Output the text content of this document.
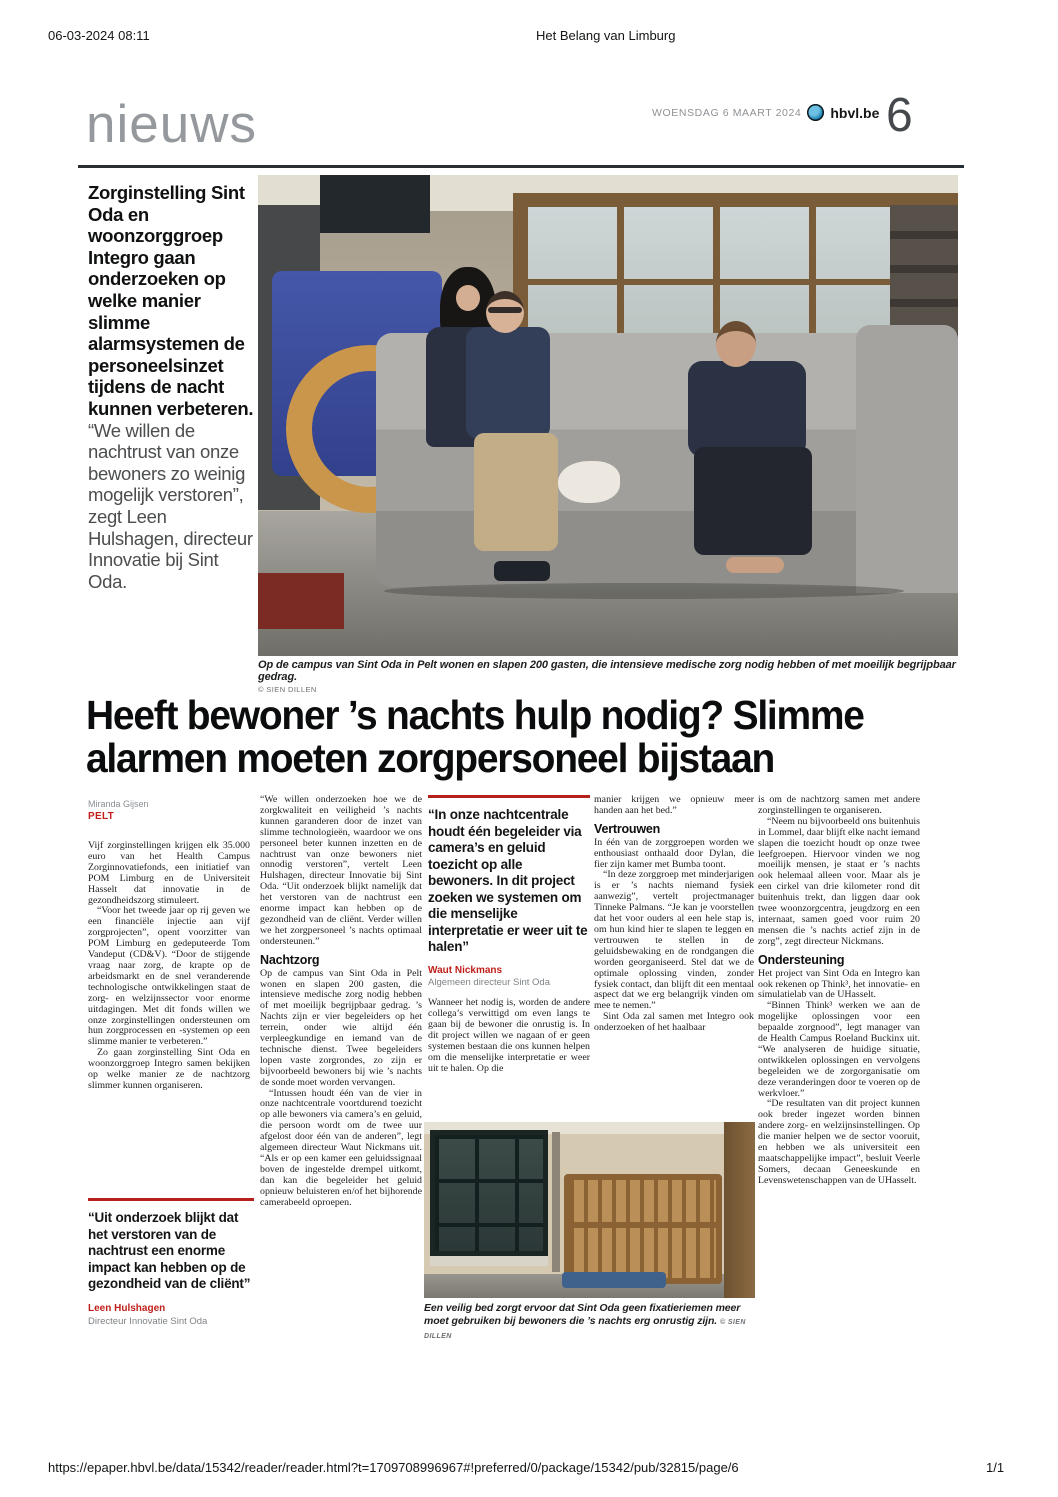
06-03-2024 08:11	Het Belang van Limburg
nieuws	WOENSDAG 6 MAART 2024 hbvl.be 6
Zorginstelling Sint Oda en woonzorggroep Integro gaan onderzoeken op welke manier slimme alarmsystemen de personeelsinzet tijdens de nacht kunnen verbeteren. “We willen de nachtrust van onze bewoners zo weinig mogelijk verstoren”, zegt Leen Hulshagen, directeur Innovatie bij Sint Oda.
Op de campus van Sint Oda in Pelt wonen en slapen 200 gasten, die intensieve medische zorg nodig hebben of met moeilijk begrijpbaar gedrag.
© SIEN DILLEN
Heeft bewoner ’s nachts hulp nodig? Slimme alarmen moeten zorgpersoneel bijstaan
Miranda Gijsen
PELT

Vijf zorginstellingen krijgen elk 35.000 euro van het Health Campus Zorginnovatiefonds, een initiatief van POM Limburg en de Universiteit Hasselt dat innovatie in de gezondheidszorg stimuleert.

“Voor het tweede jaar op rij geven we een financiële injectie aan vijf zorgprojecten”, opent voorzitter van POM Limburg en gedeputeerde Tom Vandeput (CD&V). “Door de stijgende vraag naar zorg, de krapte op de arbeidsmarkt en de snel veranderende technologische ontwikkelingen staat de zorg- en welzijnssector voor enorme uitdagingen. Met dit fonds willen we onze zorginstellingen ondersteunen om hun zorgprocessen en -systemen op een slimme manier te verbeteren.”

Zo gaan zorginstelling Sint Oda en woonzorggroep Integro samen bekijken op welke manier ze de nachtzorg slimmer kunnen organiseren.

“Uit onderzoek blijkt dat het verstoren van de nachtrust een enorme impact kan hebben op de gezondheid van de cliënt”
Leen Hulshagen
Directeur Innovatie Sint Oda

“We willen onderzoeken hoe we de zorgkwaliteit en veiligheid ’s nachts kunnen garanderen door de inzet van slimme technologieën, waardoor we ons personeel beter kunnen inzetten en de nachtrust van onze bewoners niet onnodig verstoren”, vertelt Leen Hulshagen, directeur Innovatie bij Sint Oda. “Uit onderzoek blijkt namelijk dat het verstoren van de nachtrust een enorme impact kan hebben op de gezondheid van de cliënt. Verder willen we het zorgpersoneel ’s nachts optimaal ondersteunen.”

Nachtzorg

Op de campus van Sint Oda in Pelt wonen en slapen 200 gasten, die intensieve medische zorg nodig hebben of met moeilijk begrijpbaar gedrag. ’s Nachts zijn er vier begeleiders op het terrein, onder wie altijd één verpleegkundige en iemand van de technische dienst. Twee begeleiders lopen vaste zorgrondes, zo zijn er bijvoorbeeld bewoners bij wie ’s nachts de sonde moet worden vervangen.

“Intussen houdt één van de vier in onze nachtcentrale voortdurend toezicht op alle bewoners via camera’s en geluid, die persoon wordt om de twee uur afgelost door één van de anderen”, legt algemeen directeur Waut Nickmans uit. “Als er op een kamer een geluidssignaal boven de ingestelde drempel uitkomt, dan kan die begeleider het geluid opnieuw beluisteren en/of het bijhorende camerabeeld oproepen.

“In onze nachtcentrale houdt één begeleider via camera’s en geluid toezicht op alle bewoners. In dit project zoeken we systemen om die menselijke interpretatie er weer uit te halen”
Waut Nickmans
Algemeen directeur Sint Oda

Wanneer het nodig is, worden de andere collega’s verwittigd om even langs te gaan bij de bewoner die onrustig is. In dit project willen we nagaan of er geen systemen bestaan die ons kunnen helpen om die menselijke interpretatie er weer uit te halen. Op die

manier krijgen we opnieuw meer handen aan het bed.”

Vertrouwen

In één van de zorggroepen worden we enthousiast onthaald door Dylan, die fier zijn kamer met Bumba toont.

“In deze zorggroep met minderjarigen is er ’s nachts niemand fysiek aanwezig”, vertelt projectmanager Tinneke Palmans. “Je kan je voorstellen dat het voor ouders al een hele stap is, om hun kind hier te slapen te leggen en vertrouwen te stellen in de geluidsbewaking en de rondgangen die worden georganiseerd. Stel dat we de optimale oplossing vinden, zonder fysiek contact, dan blijft dit een mentaal aspect dat we erg belangrijk vinden om mee te nemen.”

Sint Oda zal samen met Integro ook onderzoeken of het haalbaar

is om de nachtzorg samen met andere zorginstellingen te organiseren.

“Neem nu bijvoorbeeld ons buitenhuis in Lommel, daar blijft elke nacht iemand slapen die toezicht houdt op onze twee leefgroepen. Hiervoor vinden we nog moeilijk mensen, je staat er ’s nachts ook helemaal alleen voor. Maar als je een cirkel van drie kilometer rond dit buitenhuis trekt, dan liggen daar ook twee woonzorgcentra, jeugdzorg en een internaat, samen goed voor ruim 20 mensen die ’s nachts actief zijn in de zorg”, zegt directeur Nickmans.

Ondersteuning

Het project van Sint Oda en Integro kan ook rekenen op Think³, het innovatie- en simulatielab van de UHasselt.

“Binnen Think³ werken we aan de mogelijke oplossingen voor een bepaalde zorgnood”, legt manager van de Health Campus Roeland Buckinx uit. “We analyseren de huidige situatie, ontwikkelen oplossingen en vervolgens begeleiden we de zorgorganisatie om deze veranderingen door te voeren op de werkvloer.”

“De resultaten van dit project kunnen ook breder ingezet worden binnen andere zorg- en welzijnsinstellingen. Op die manier helpen we de sector vooruit, en hebben we als universiteit een maatschappelijke impact”, besluit Veerle Somers, decaan Geneeskunde en Levenswetenschappen van de UHasselt.

Een veilig bed zorgt ervoor dat Sint Oda geen fixatieriemen meer moet gebruiken bij bewoners die ’s nachts erg onrustig zijn. © SIEN DILLEN
https://epaper.hbvl.be/data/15342/reader/reader.html?t=1709708996967#!preferred/0/package/15342/pub/32815/page/6	1/1
